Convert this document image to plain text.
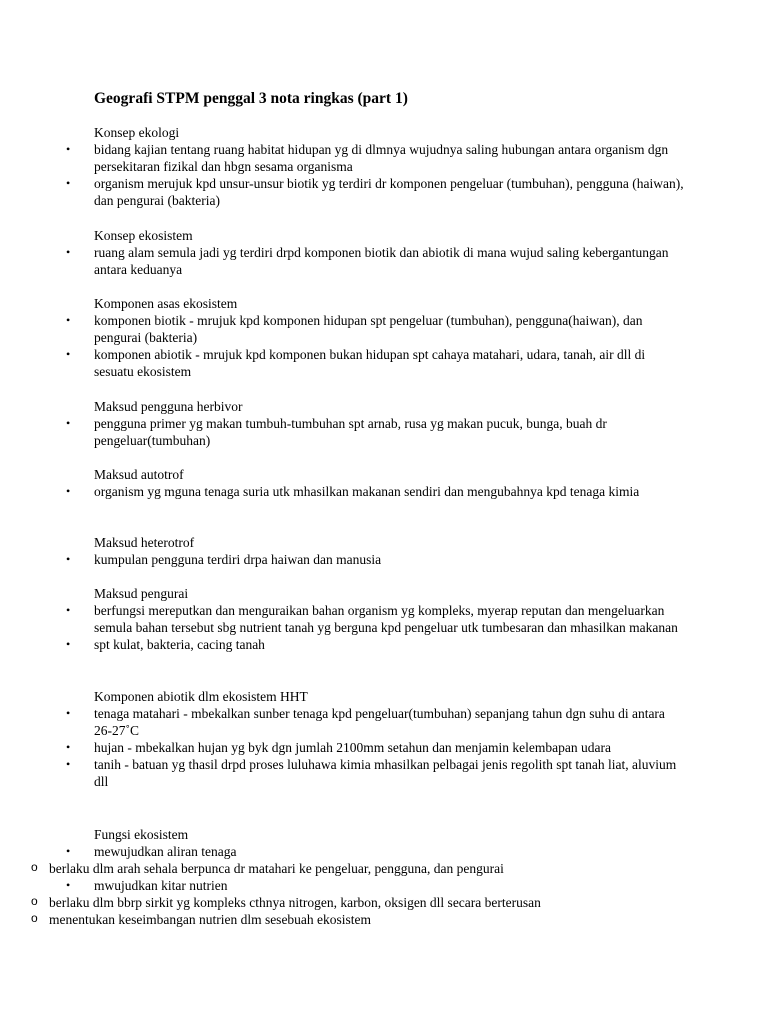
Geografi STPM penggal 3 nota ringkas (part 1)
Konsep ekologi
• bidang kajian tentang ruang habitat hidupan yg di dlmnya wujudnya saling hubungan antara organism dgn persekitaran fizikal dan hbgn sesama organisma
• organism merujuk kpd unsur-unsur biotik yg terdiri dr komponen pengeluar (tumbuhan), pengguna (haiwan), dan pengurai (bakteria)
Konsep ekosistem
• ruang alam semula jadi yg terdiri drpd komponen biotik dan abiotik di mana wujud saling kebergantungan antara keduanya
Komponen asas ekosistem
• komponen biotik - mrujuk kpd komponen hidupan spt pengeluar (tumbuhan), pengguna(haiwan), dan pengurai (bakteria)
• komponen abiotik - mrujuk kpd komponen bukan hidupan spt cahaya matahari, udara, tanah, air dll di sesuatu ekosistem
Maksud pengguna herbivor
• pengguna primer yg makan tumbuh-tumbuhan spt arnab, rusa yg makan pucuk, bunga, buah dr pengeluar(tumbuhan)
Maksud autotrof
• organism yg mguna tenaga suria utk mhasilkan makanan sendiri dan mengubahnya kpd tenaga kimia
Maksud heterotrof
• kumpulan pengguna terdiri drpa haiwan dan manusia
Maksud pengurai
• berfungsi mereputkan dan menguraikan bahan organism yg kompleks, myerap reputan dan mengeluarkan semula bahan tersebut sbg nutrient tanah yg berguna kpd pengeluar utk tumbesaran dan mhasilkan makanan
• spt kulat, bakteria, cacing tanah
Komponen abiotik dlm ekosistem HHT
• tenaga matahari - mbekalkan sunber tenaga kpd pengeluar(tumbuhan) sepanjang tahun dgn suhu di antara 26-27˚C
• hujan - mbekalkan hujan yg byk dgn jumlah 2100mm setahun dan menjamin kelembapan udara
• tanih - batuan yg thasil drpd proses luluhawa kimia mhasilkan pelbagai jenis regolith spt tanah liat, aluvium dll
Fungsi ekosistem
• mewujudkan aliran tenaga
o berlaku dlm arah sehala berpunca dr matahari ke pengeluar, pengguna, dan pengurai
• mwujudkan kitar nutrien
o berlaku dlm bbrp sirkit yg kompleks cthnya nitrogen, karbon, oksigen dll secara berterusan
o menentukan keseimbangan nutrien dlm sesebuah ekosistem
